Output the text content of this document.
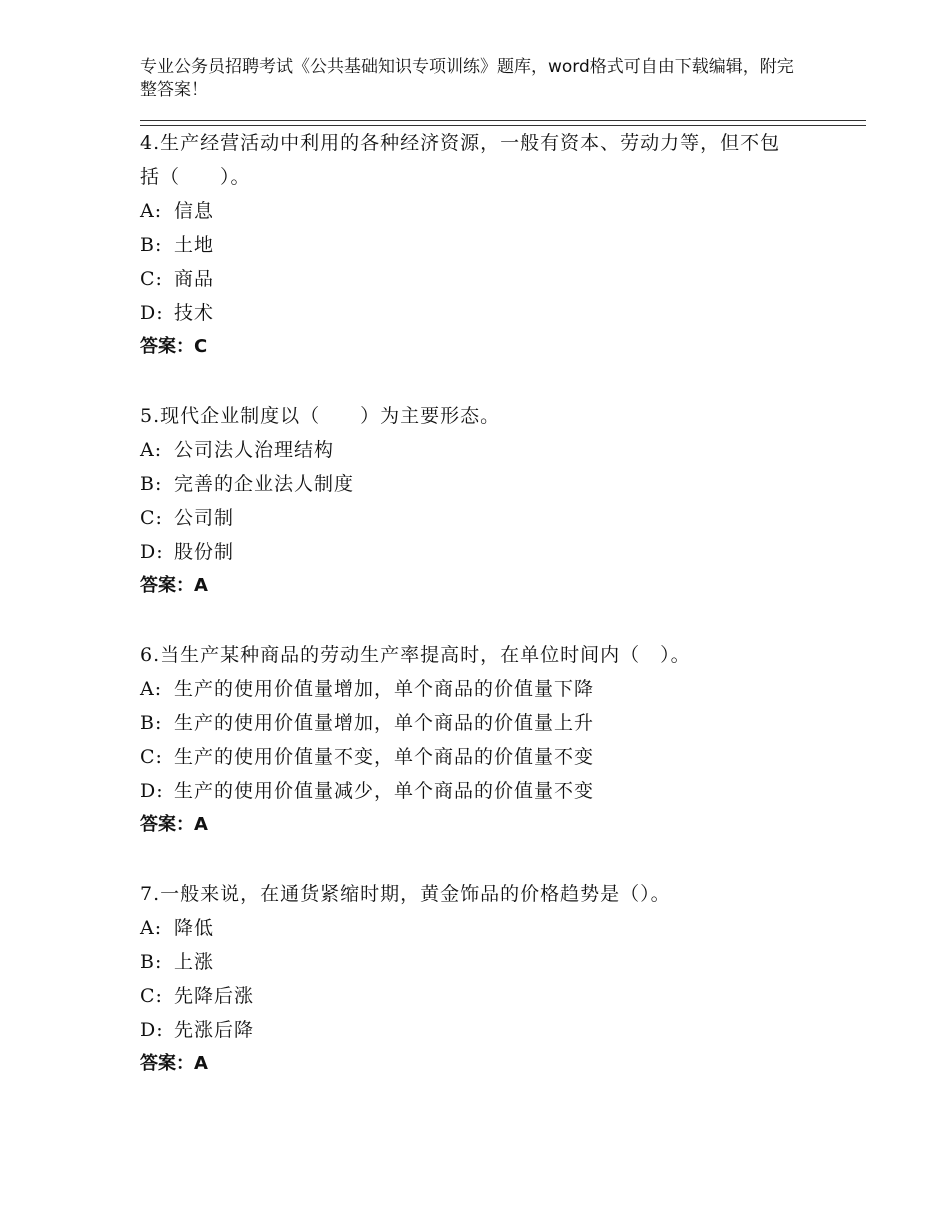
专业公务员招聘考试《公共基础知识专项训练》题库，word格式可自由下载编辑，附完整答案！

4.生产经营活动中利用的各种经济资源，一般有资本、劳动力等，但不包括（　　）。

A: 信息

B: 土地

C: 商品

D: 技术

答案：C

5.现代企业制度以（　　）为主要形态。

A: 公司法人治理结构

B: 完善的企业法人制度

C: 公司制

D: 股份制

答案：A

6.当生产某种商品的劳动生产率提高时，在单位时间内（　）。

A: 生产的使用价值量增加，单个商品的价值量下降

B: 生产的使用价值量增加，单个商品的价值量上升

C: 生产的使用价值量不变，单个商品的价值量不变

D: 生产的使用价值量减少，单个商品的价值量不变

答案：A

7.一般来说，在通货紧缩时期，黄金饰品的价格趋势是（）。

A: 降低

B: 上涨

C: 先降后涨

D: 先涨后降

答案：A
